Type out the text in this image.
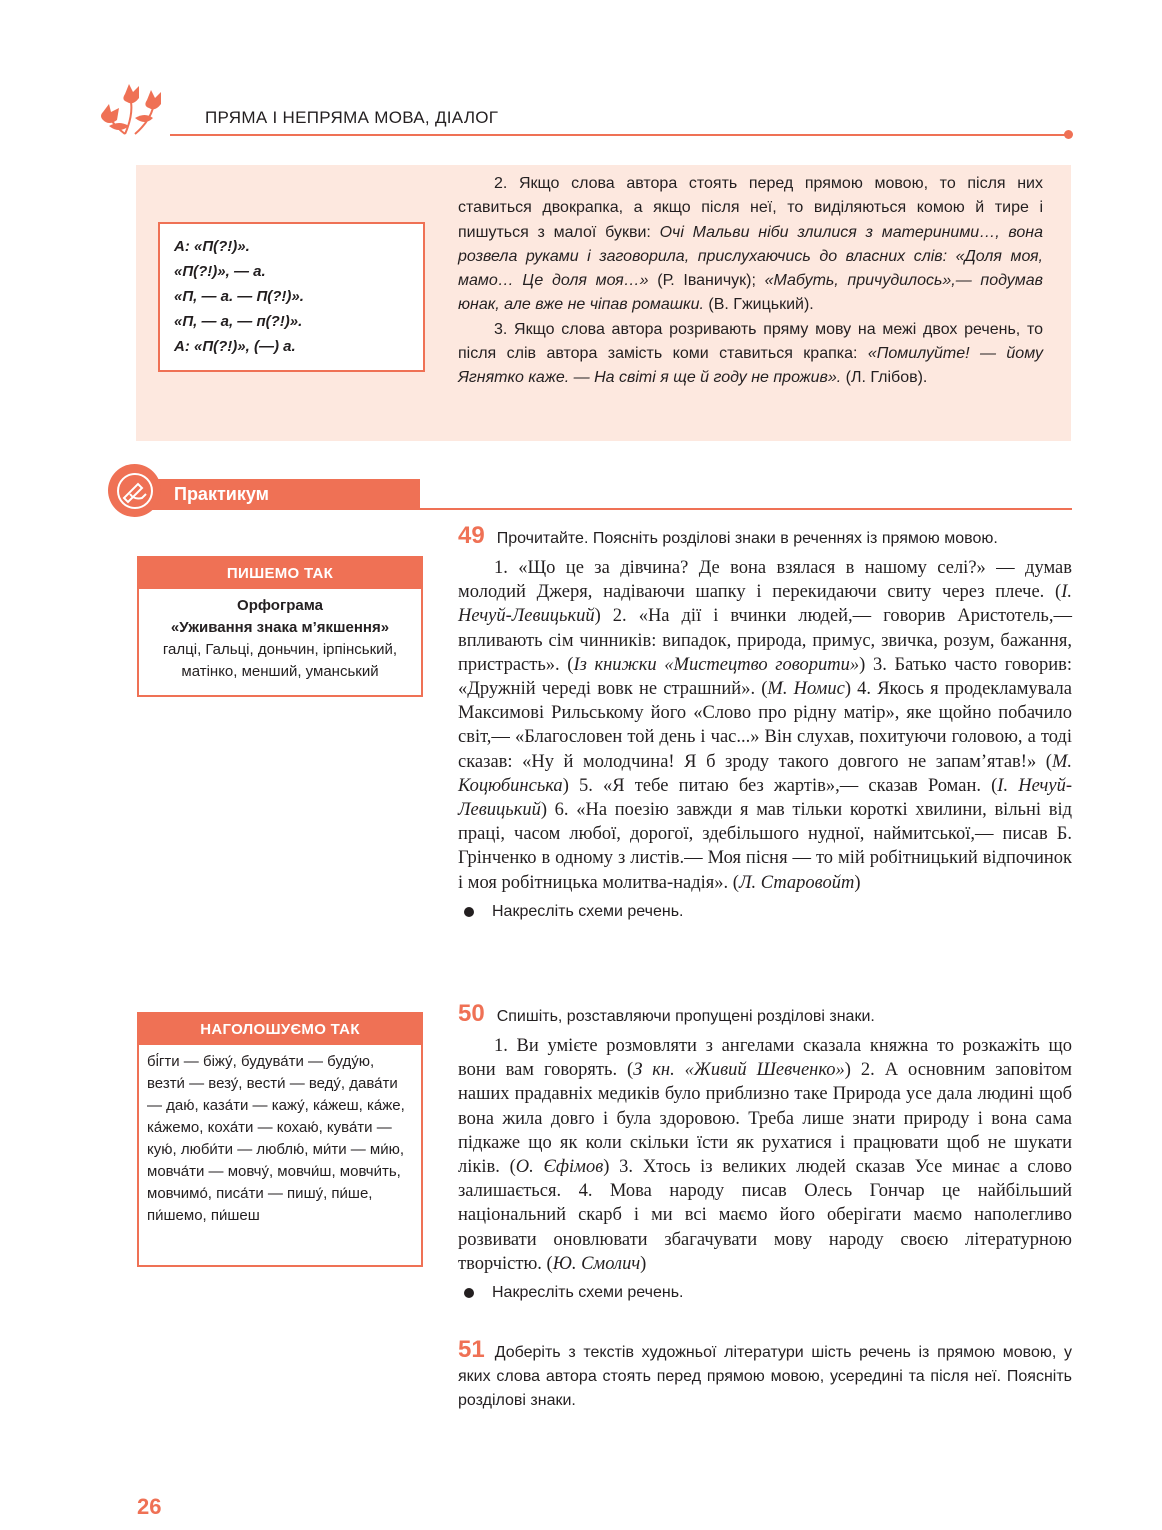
ПРЯМА І НЕПРЯМА МОВА, ДІАЛОГ
А: «П(?!)».
«П(?!)», — а.
«П, — а. — П(?!)».
«П, — а, — п(?!)».
А: «П(?!)», (—) а.

2. Якщо слова автора стоять перед прямою мовою, то після них ставиться двокрапка, а якщо після неї, то виділяються комою й тире і пишуться з малої букви: Очі Мальви ніби злилися з материними…, вона розвела руками і заговорила, прислухаючись до власних слів: «Доля моя, мамо… Це доля моя…» (Р. Іваничук); «Мабуть, причудилось»,— подумав юнак, але вже не чіпав ромашки. (В. Гжицький).

3. Якщо слова автора розривають пряму мову на межі двох речень, то після слів автора замість коми ставиться крапка: «Помилуйте! — йому Ягнятко каже. — На світі я ще й году не прожив». (Л. Глібов).

Практикум
ПИШЕМО ТАК
Орфограма
«Уживання знака м’якшення»
галці, Гальці, доньчин, ірпінський, матінко, менший, уманський
НАГОЛОШУЄМО ТАК
бі́гти — біжу́, будува́ти — буду́ю, везти́ — везу́, вести́ — веду́, дава́ти — даю́, каза́ти — кажу́, ка́жеш, ка́же, ка́жемо, коха́ти — кохаю́, кува́ти — кую́, люби́ти — люблю́, ми́ти — ми́ю, мовча́ти — мовчу́, мовчи́ш, мовчи́ть, мовчимо́, писа́ти — пишу́, пи́ше, пи́шемо, пи́шеш
49 Прочитайте. Поясніть розділові знаки в реченнях із прямою мовою.
1. «Що це за дівчина? Де вона взялася в нашому селі?» — думав молодий Джеря, надіваючи шапку і перекидаючи свиту через плече. (І. Нечуй-Левицький) 2. «На дії і вчинки людей,— говорив Аристотель,— впливають сім чинників: випадок, природа, примус, звичка, розум, бажання, пристрасть». (Із книжки «Мистецтво говорити») 3. Батько часто говорив: «Дружній череді вовк не страшний». (М. Номис) 4. Якось я продекламувала Максимові Рильському його «Слово про рідну матір», яке щойно побачило світ,— «Благословен той день і час...» Він слухав, похитуючи головою, а тоді сказав: «Ну й молодчина! Я б зроду такого довгого не запам’ятав!» (М. Коцюбинська) 5. «Я тебе питаю без жартів»,— сказав Роман. (І. Нечуй-Левицький) 6. «На поезію завжди я мав тільки короткі хвилини, вільні від праці, часом любої, дорогої, здебільшого нудної, наймитської,— писав Б. Грінченко в одному з листів.— Моя пісня — то мій робітницький відпочинок і моя робітницька молитва-надія». (Л. Старовойт)
Накресліть схеми речень.
50 Спишіть, розставляючи пропущені розділові знаки.
1. Ви умієте розмовляти з ангелами сказала княжна то розкажіть що вони вам говорять. (З кн. «Живий Шевченко») 2. А основним заповітом наших прадавніх медиків було приблизно таке Природа усе дала людині щоб вона жила довго і була здоровою. Треба лише знати природу і вона сама підкаже що як коли скільки їсти як рухатися і працювати щоб не шукати ліків. (О. Єфімов) 3. Хтось із великих людей сказав Усе минає а слово залишається. 4. Мова народу писав Олесь Гончар це найбільший національний скарб і ми всі маємо його оберігати маємо наполегливо розвивати оновлювати збагачувати мову народу своєю літературною творчістю. (Ю. Смолич)
Накресліть схеми речень.
51 Доберіть з текстів художньої літератури шість речень із прямою мовою, у яких слова автора стоять перед прямою мовою, усередині та після неї. Поясніть розділові знаки.
26
